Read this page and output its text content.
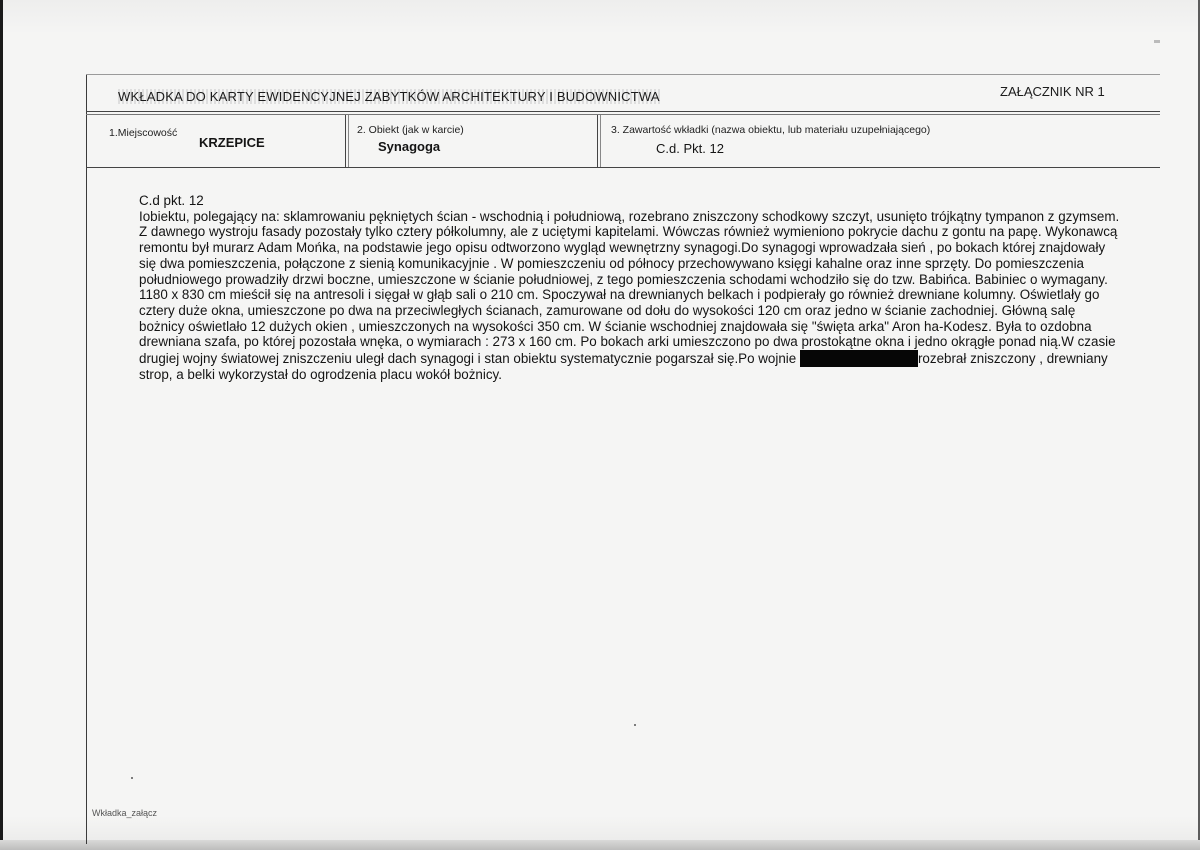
WKŁADKA DO KARTY EWIDENCYJNEJ ZABYTKÓW ARCHITEKTURY I BUDOWNICTWA	ZAŁĄCZNIK NR 1
1.Miejscowość
KRZEPICE
2. Obiekt (jak w karcie)
Synagoga
3. Zawartość wkładki (nazwa obiektu, lub materiału uzupełniającego)
C.d. Pkt. 12

C.d pkt. 12

Iobiektu, polegający na: sklamrowaniu pękniętych ścian - wschodnią i południową, rozebrano zniszczony schodkowy szczyt, usunięto trójkątny tympanon z gzymsem. Z dawnego wystroju fasady pozostały tylko cztery półkolumny, ale z uciętymi kapitelami. Wówczas również wymieniono pokrycie dachu z gontu na papę. Wykonawcą remontu był murarz Adam Mońka, na podstawie jego opisu odtworzono wygląd wewnętrzny synagogi.Do synagogi wprowadzała sień , po bokach której znajdowały się dwa pomieszczenia, połączone z sienią komunikacyjnie . W pomieszczeniu od północy przechowywano księgi kahalne oraz inne sprzęty. Do pomieszczenia południowego prowadziły drzwi boczne, umieszczone w ścianie południowej, z tego pomieszczenia schodami wchodziło się do tzw. Babińca. Babiniec o wymagany. 1180 x 830 cm mieścił się na antresoli i sięgał w głąb sali o 210 cm. Spoczywał na drewnianych belkach i podpierały go również drewniane kolumny. Oświetlały go cztery duże okna, umieszczone po dwa na przeciwległych ścianach, zamurowane od dołu do wysokości 120 cm oraz jedno w ścianie zachodniej. Główną salę bożnicy oświetlało 12 dużych okien , umieszczonych na wysokości 350 cm. W ścianie wschodniej znajdowała się "święta arka" Aron ha-Kodesz. Była to ozdobna drewniana szafa, po której pozostała wnęka, o wymiarach : 273 x 160 cm. Po bokach arki umieszczono po dwa prostokątne okna i jedno okrągłe ponad nią.W czasie drugiej wojny światowej zniszczeniu uległ dach synagogi i stan obiektu systematycznie pogarszał się.Po wojnie	rozebrał zniszczony , drewniany strop, a belki wykorzystał do ogrodzenia placu wokół bożnicy.

Wkładka_załącz
